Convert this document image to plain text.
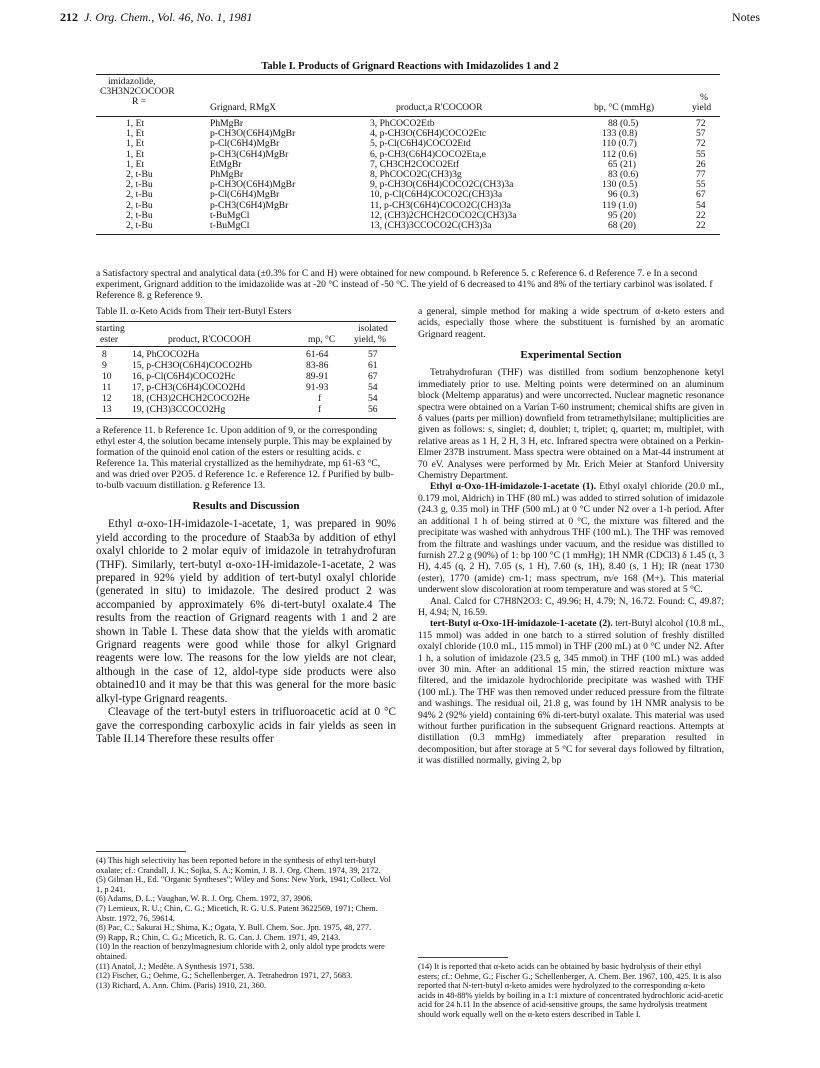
212 J. Org. Chem., Vol. 46, No. 1, 1981	Notes
Table I. Products of Grignard Reactions with Imidazolides 1 and 2
imidazolide,
C3H3N2COCOOR
R =
Grignard, RMgX	product,a R'COCOOR	bp, °C (mmHg)
%
yield
1, Et	PhMgBr	3, PhCOCO2Etb	88 (0.5)	72
1, Et	p-CH3O(C6H4)MgBr	4, p-CH3O(C6H4)COCO2Etc	133 (0.8)	57
1, Et	p-Cl(C6H4)MgBr	5, p-Cl(C6H4)COCO2Etd	110 (0.7)	72
1, Et	p-CH3(C6H4)MgBr	6, p-CH3(C6H4)COCO2Eta,e	112 (0.6)	55
1, Et	EtMgBr	7, CH3CH2COCO2Etf	65 (21)	26
2, t-Bu	PhMgBr	8, PhCOCO2C(CH3)3g	83 (0.6)	77
2, t-Bu	p-CH3O(C6H4)MgBr	9, p-CH3O(C6H4)COCO2C(CH3)3a	130 (0.5)	55
2, t-Bu	p-Cl(C6H4)MgBr	10, p-Cl(C6H4)COCO2C(CH3)3a	96 (0.3)	67
2, t-Bu	p-CH3(C6H4)MgBr	11, p-CH3(C6H4)COCO2C(CH3)3a	119 (1.0)	54
2, t-Bu	t-BuMgCl	12, (CH3)2CHCH2COCO2C(CH3)3a	95 (20)	22
2, t-Bu	t-BuMgCl	13, (CH3)3CCOCO2C(CH3)3a	68 (20)	22
a Satisfactory spectral and analytical data (±0.3% for C and H) were obtained for new compound. b Reference 5. c Reference 6. d Reference 7. e In a second experiment, Grignard addition to the imidazolide was at -20 °C instead of -50 °C. The yield of 6 decreased to 41% and 8% of the tertiary carbinol was isolated. f Reference 8. g Reference 9.
Table II. α-Keto Acids from Their tert-Butyl Esters
starting
ester	product, R'COCOOH	mp, °C
isolated
yield, %
8	14, PhCOCO2Ha	61-64	57
9	15, p-CH3O(C6H4)COCO2Hb	83-86	61
10 16, p-Cl(C6H4)COCO2Hc	89-91	67
11 17, p-CH3(C6H4)COCO2Hd	91-93	54
12 18, (CH3)2CHCH2COCO2He	f	54
13 19, (CH3)3CCOCO2Hg	f	56
a Reference 11. b Reference 1c. Upon addition of 9, or the corresponding ethyl ester 4, the solution became intensely purple. This may be explained by formation of the quinoid enol cation of the esters or resulting acids. c Reference 1a. This material crystallized as the hemihydrate, mp 61-63 °C, and was dried over P2O5. d Reference 1c. e Reference 12. f Purified by bulb-to-bulb vacuum distillation. g Reference 13.
Results and Discussion

Ethyl α-oxo-1H-imidazole-1-acetate, 1, was prepared in 90% yield according to the procedure of Staab3a by addition of ethyl oxalyl chloride to 2 molar equiv of imidazole in tetrahydrofuran (THF). Similarly, tert-butyl α-oxo-1H-imidazole-1-acetate, 2 was prepared in 92% yield by addition of tert-butyl oxalyl chloride (generated in situ) to imidazole. The desired product 2 was accompanied by approximately 6% di-tert-butyl oxalate.4 The results from the reaction of Grignard reagents with 1 and 2 are shown in Table I. These data show that the yields with aromatic Grignard reagents were good while those for alkyl Grignard reagents were low. The reasons for the low yields are not clear, although in the case of 12, aldol-type side products were also obtained10 and it may be that this was general for the more basic alkyl-type Grignard reagents.

Cleavage of the tert-butyl esters in trifluoroacetic acid at 0 °C gave the corresponding carboxylic acids in fair yields as seen in Table II.14 Therefore these results offer

(4) This high selectivity has been reported before in the synthesis of ethyl tert-butyl oxalate; cf.: Crandall, J. K.; Sojka, S. A.; Komin, J. B. J. Org. Chem. 1974, 39, 2172.

(5) Gilman H., Ed. "Organic Syntheses"; Wiley and Sons: New York, 1941; Collect. Vol 1, p 241.

(6) Adams, D. L.; Vaughan, W. R. J. Org. Chem. 1972, 37, 3906.

(7) Lemieux, R. U.; Chin, C. G.; Micetich, R. G. U.S. Patent 3622569, 1971; Chem. Abstr. 1972, 76, 59614.

(8) Pac, C.; Sakurai H.; Shima, K.; Ogata, Y. Bull. Chem. Soc. Jpn. 1975, 48, 277.

(9) Rapp, R.; Chin, C. G.; Micetich, R. G. Can. J. Chem. 1971, 49, 2143.

(10) In the reaction of benzylmagnesium chloride with 2, only aldol type prodcts were obtained.

(11) Anatol, J.; Medête. A Synthesis 1971, 538.

(12) Fischer, G.; Oehme, G.; Schellenberger, A. Tetrahedron 1971, 27, 5683.

(13) Richard, A. Ann. Chim. (Paris) 1910, 21, 360.

a general, simple method for making a wide spectrum of α-keto esters and acids, especially those where the substituent is furnished by an aromatic Grignard reagent.

Experimental Section

Tetrahydrofuran (THF) was distilled from sodium benzophenone ketyl immediately prior to use. Melting points were determined on an aluminum block (Meltemp apparatus) and were uncorrected. Nuclear magnetic resonance spectra were obtained on a Varian T-60 instrument; chemical shifts are given in δ values (parts per million) downfield from tetramethylsilane; multiplicities are given as follows: s, singlet; d, doublet; t, triplet; q, quartet; m, multiplet, with relative areas as 1 H, 2 H, 3 H, etc. Infrared spectra were obtained on a Perkin-Elmer 237B instrument. Mass spectra were obtained on a Mat-44 instrument at 70 eV. Analyses were performed by Mr. Erich Meier at Stanford University Chemistry Department.

Ethyl α-Oxo-1H-imidazole-1-acetate (1). Ethyl oxalyl chloride (20.0 mL, 0.179 mol, Aldrich) in THF (80 mL) was added to stirred solution of imidazole (24.3 g, 0.35 mol) in THF (500 mL) at 0 °C under N2 over a 1-h period. After an additional 1 h of being stirred at 0 °C, the mixture was filtered and the precipitate was washed with anhydrous THF (100 mL). The THF was removed from the filtrate and washings under vacuum, and the residue was distilled to furnish 27.2 g (90%) of 1: bp 100 °C (1 mmHg); 1H NMR (CDCl3) δ 1.45 (t, 3 H), 4.45 (q, 2 H), 7.05 (s, 1 H), 7.60 (s, 1H), 8.40 (s, 1 H); IR (neat 1730 (ester), 1770 (amide) cm-1; mass spectrum, m/e 168 (M+). This material underwent slow discoloration at room temperature and was stored at 5 °C.

Anal. Calcd for C7H8N2O3: C, 49.96; H, 4.79; N, 16.72. Found: C, 49.87; H, 4.94; N, 16.59.

tert-Butyl α-Oxo-1H-imidazole-1-acetate (2). tert-Butyl alcohol (10.8 mL, 115 mmol) was added in one batch to a stirred solution of freshly distilled oxalyl chloride (10.0 mL, 115 mmol) in THF (200 mL) at 0 °C under N2. After 1 h, a solution of imidazole (23.5 g, 345 mmol) in THF (100 mL) was added over 30 min. After an additional 15 min, the stirred reaction mixture was filtered, and the imidazole hydrochloride precipitate was washed with THF (100 mL). The THF was then removed under reduced pressure from the filtrate and washings. The residual oil, 21.8 g, was found by 1H NMR analysis to be 94% 2 (92% yield) containing 6% di-tert-butyl oxalate. This material was used without further purification in the subsequent Grignard reactions. Attempts at distillation (0.3 mmHg) immediately after preparation resulted in decomposition, but after storage at 5 °C for several days followed by filtration, it was distilled normally, giving 2, bp

(14) It is reported that α-keto acids can be obtained by basic hydrolysis of their ethyl esters; cf.: Oehme, G.; Fischer G.; Schellenberger, A. Chem. Ber. 1967, 100, 425. It is also reported that N-tert-butyl α-keto amides were hydrolyzed to the corresponding α-keto acids in 48-88% yields by boiling in a 1:1 mixture of concentrated hydrochloric acid-acetic acid for 24 h.11 In the absence of acid-sensitive groups, the same hydrolysis treatment should work equally well on the α-keto esters described in Table I.
